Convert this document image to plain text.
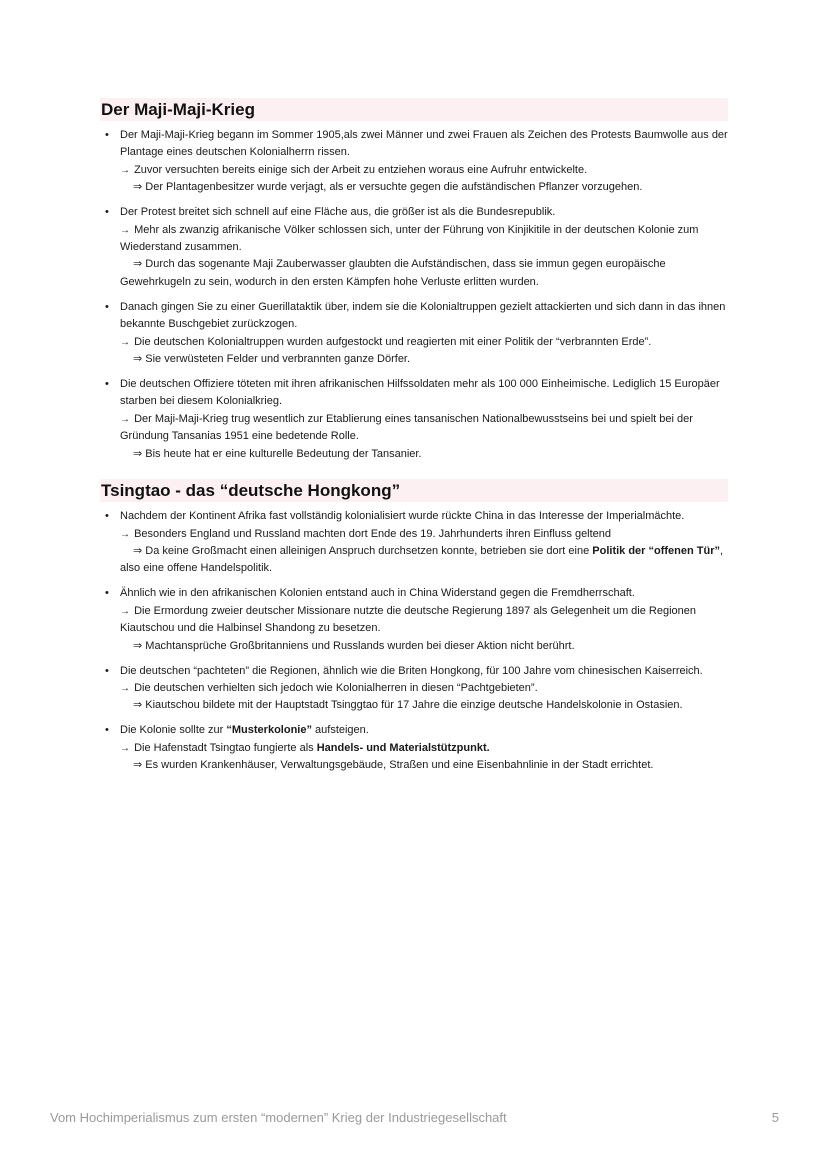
Der Maji-Maji-Krieg
• Der Maji-Maji-Krieg begann im Sommer 1905,als zwei Männer und zwei Frauen als Zeichen des Protests Baumwolle aus der Plantage eines deutschen Kolonialherrn rissen.
→ Zuvor versuchten bereits einige sich der Arbeit zu entziehen woraus eine Aufruhr entwickelte.
⇒ Der Plantagenbesitzer wurde verjagt, als er versuchte gegen die aufständischen Pflanzer vorzugehen.
• Der Protest breitet sich schnell auf eine Fläche aus, die größer ist als die Bundesrepublik.
→ Mehr als zwanzig afrikanische Völker schlossen sich, unter der Führung von Kinjikitile in der deutschen Kolonie zum Wiederstand zusammen.
⇒ Durch das sogenante Maji Zauberwasser glaubten die Aufständischen, dass sie immun gegen europäische Gewehrkugeln zu sein, wodurch in den ersten Kämpfen hohe Verluste erlitten wurden.
• Danach gingen Sie zu einer Guerillataktik über, indem sie die Kolonialtruppen gezielt attackierten und sich dann in das ihnen bekannte Buschgebiet zurückzogen.
→ Die deutschen Kolonialtruppen wurden aufgestockt und reagierten mit einer Politik der “verbrannten Erde”.
⇒ Sie verwüsteten Felder und verbrannten ganze Dörfer.
• Die deutschen Offiziere töteten mit ihren afrikanischen Hilfssoldaten mehr als 100 000 Einheimische. Lediglich 15 Europäer starben bei diesem Kolonialkrieg.
→ Der Maji-Maji-Krieg trug wesentlich zur Etablierung eines tansanischen Nationalbewusstseins bei und spielt bei der Gründung Tansanias 1951 eine bedetende Rolle.
⇒ Bis heute hat er eine kulturelle Bedeutung der Tansanier.
Tsingtao - das “deutsche Hongkong”
• Nachdem der Kontinent Afrika fast vollständig kolonialisiert wurde rückte China in das Interesse der Imperialmächte.
→ Besonders England und Russland machten dort Ende des 19. Jahrhunderts ihren Einfluss geltend
⇒ Da keine Großmacht einen alleinigen Anspruch durchsetzen konnte, betrieben sie dort eine Politik der “offenen Tür”, also eine offene Handelspolitik.
• Ähnlich wie in den afrikanischen Kolonien entstand auch in China Widerstand gegen die Fremdherrschaft.
→ Die Ermordung zweier deutscher Missionare nutzte die deutsche Regierung 1897 als Gelegenheit um die Regionen Kiautschou und die Halbinsel Shandong zu besetzen.
⇒ Machtansprüche Großbritanniens und Russlands wurden bei dieser Aktion nicht berührt.
• Die deutschen “pachteten” die Regionen, ähnlich wie die Briten Hongkong, für 100 Jahre vom chinesischen Kaiserreich.
→ Die deutschen verhielten sich jedoch wie Kolonialherren in diesen “Pachtgebieten”.
⇒ Kiautschou bildete mit der Hauptstadt Tsinggtao für 17 Jahre die einzige deutsche Handelskolonie in Ostasien.
• Die Kolonie sollte zur “Musterkolonie” aufsteigen.
→ Die Hafenstadt Tsingtao fungierte als Handels- und Materialstützpunkt.
⇒ Es wurden Krankenhäuser, Verwaltungsgebäude, Straßen und eine Eisenbahnlinie in der Stadt errichtet.
Vom Hochimperialismus zum ersten “modernen” Krieg der Industriegesellschaft	5
